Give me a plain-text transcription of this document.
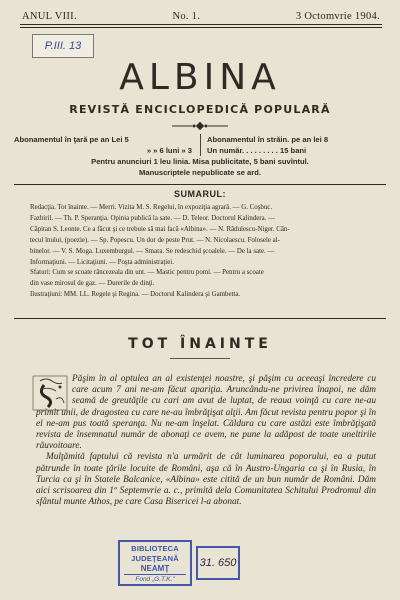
ANUL VIII.	No. 1.	3 Octomvrie 1904.
P.III. 13
ALBINA
REVISTĂ ENCICLOPEDICĂ POPULARĂ
Abonamentul în ţară pe an Lei 5	Abonamentul în străin. pe an lei 8
» » 6 luni » 3	Un număr. . . . . . . . . 15 bani
Pentru anunciuri 1 leu linia. Misa publicitate, 5 bani suvîntul.
Manuscriptele nepublicate se ard.
SUMARUL:
Redacţia. Tot înainte. — Merri. Vizita M. S. Regelui, în expoziţia agrară. — G. Coşbuc.
Fazbiril. — Th. P. Speranţia. Opinia publică la sate. — D. Teleor. Doctorul Kalindera. —
Căpitan S. Leonte. Ce a făcut şi ce trebuie să mai facă «Albina». — N. Rădulescu-Niger. Cân-
tecul lnului, (poezie). — Sp. Popescu. Un dor de peste Prut. — N. Nicolaescu. Folosele al-
binelor. — V. S. Moga. Luxemburgul. — Smara. Se redeschid şcoalele. — De la sate. —
Informaţiuni. — Licitaţiuni. — Poşta administraţiei.
Sfaturi: Cum se scoate râncezeala din unt. — Mastic pentru pomi. — Pentru a scoate
din vase mirosul de gaz. — Durerile de dinţi.
Ilustraţiuni: MM. LL. Regele şi Regina. — Doctorul Kalindera şi Gambetta.
TOT ÎNAINTE

Păşim în al optulea an al existenţei noastre, şi păşim cu aceeaşi încredere cu care acum 7 ani ne-am făcut apariţia. Aruncându-ne privirea înapoi, ne dăm seamă de greutăţile cu cari am avut de luptat, de reaua voinţă cu care ne-au primit unii, de dragostea cu care ne-au îmbrăţişat alţii. Am făcut revista pentru popor şi în el ne-am pus toată speranţa. Nu ne-am înşelat. Căldura cu care astăzi este îmbrăţişată revista de însemnatul număr de abonaţi ce avem, ne pune la adăpost de toate uneltirile răuvoitoare.

Mulţămită faptului că revista n'a urmărit de cât luminarea poporului, ea a putut pătrunde în toate ţările locuite de Români, aşa că în Austro-Ungaria ca şi în Rusia, în Turcia ca şi în Statele Balcanice, «Albina» este citită de un bun număr de Români. Dăm aici scrisoarea din 1º Septemvrie a. c., primită dela Comunitatea Schitului Prodromul din sfântul munte Athos, pe care Casa Bisericei l-a abonat.

BIBLIOTECA
JUDEŢEANĂ
NEAMŢ
Fond „G.T.K."
31. 650
